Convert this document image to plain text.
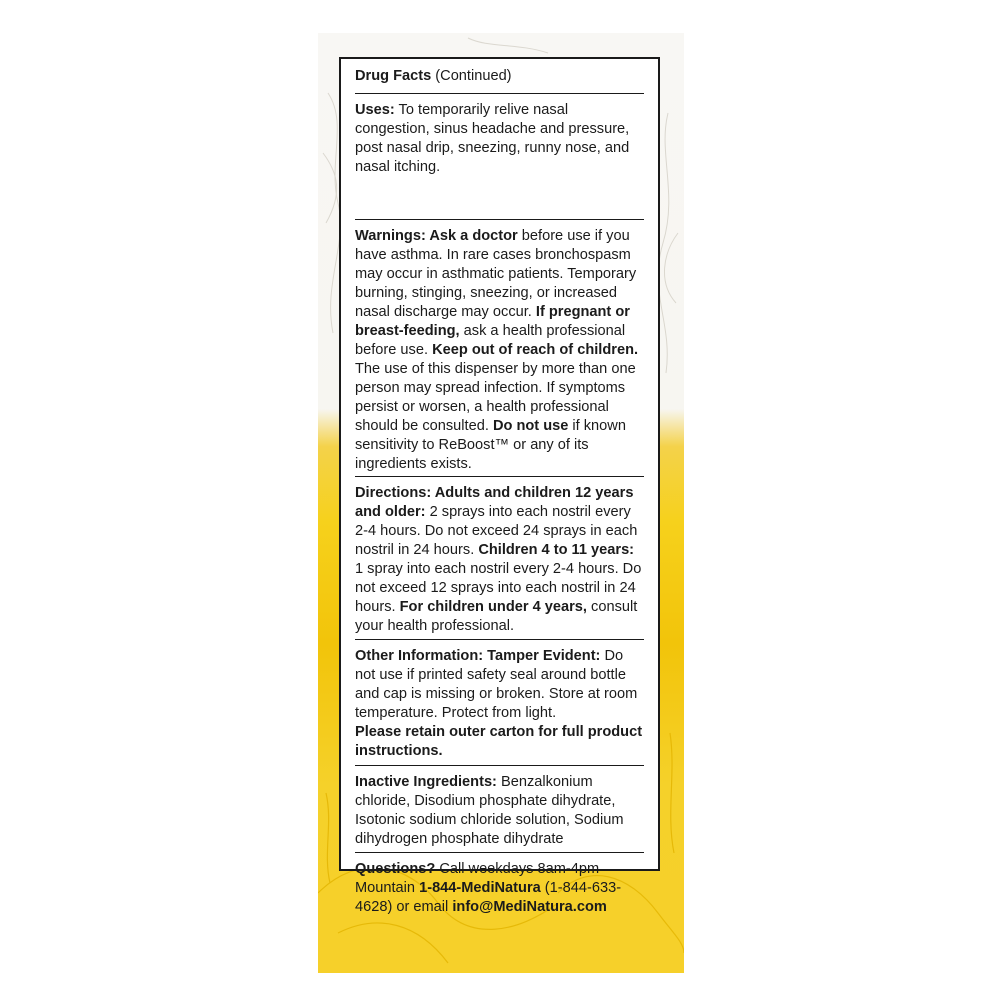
Drug Facts (Continued)

Uses: To temporarily relive nasal congestion, sinus headache and pressure, post nasal drip, sneezing, runny nose, and nasal itching.

Warnings: Ask a doctor before use if you have asthma. In rare cases bronchospasm may occur in asthmatic patients. Temporary burning, stinging, sneezing, or increased nasal discharge may occur. If pregnant or breast-feeding, ask a health professional before use. Keep out of reach of children. The use of this dispenser by more than one person may spread infection. If symptoms persist or worsen, a health professional should be consulted. Do not use if known sensitivity to ReBoost™ or any of its ingredients exists.

Directions: Adults and children 12 years and older: 2 sprays into each nostril every 2-4 hours. Do not exceed 24 sprays in each nostril in 24 hours. Children 4 to 11 years: 1 spray into each nostril every 2-4 hours. Do not exceed 12 sprays into each nostril in 24 hours. For children under 4 years, consult your health professional.

Other Information: Tamper Evident: Do not use if printed safety seal around bottle and cap is missing or broken. Store at room temperature. Protect from light.

Please retain outer carton for full product instructions.

Inactive Ingredients: Benzalkonium chloride, Disodium phosphate dihydrate, Isotonic sodium chloride solution, Sodium dihydrogen phosphate dihydrate

Questions? Call weekdays 8am-4pm Mountain 1-844-MediNatura (1-844-633-4628) or email info@MediNatura.com
